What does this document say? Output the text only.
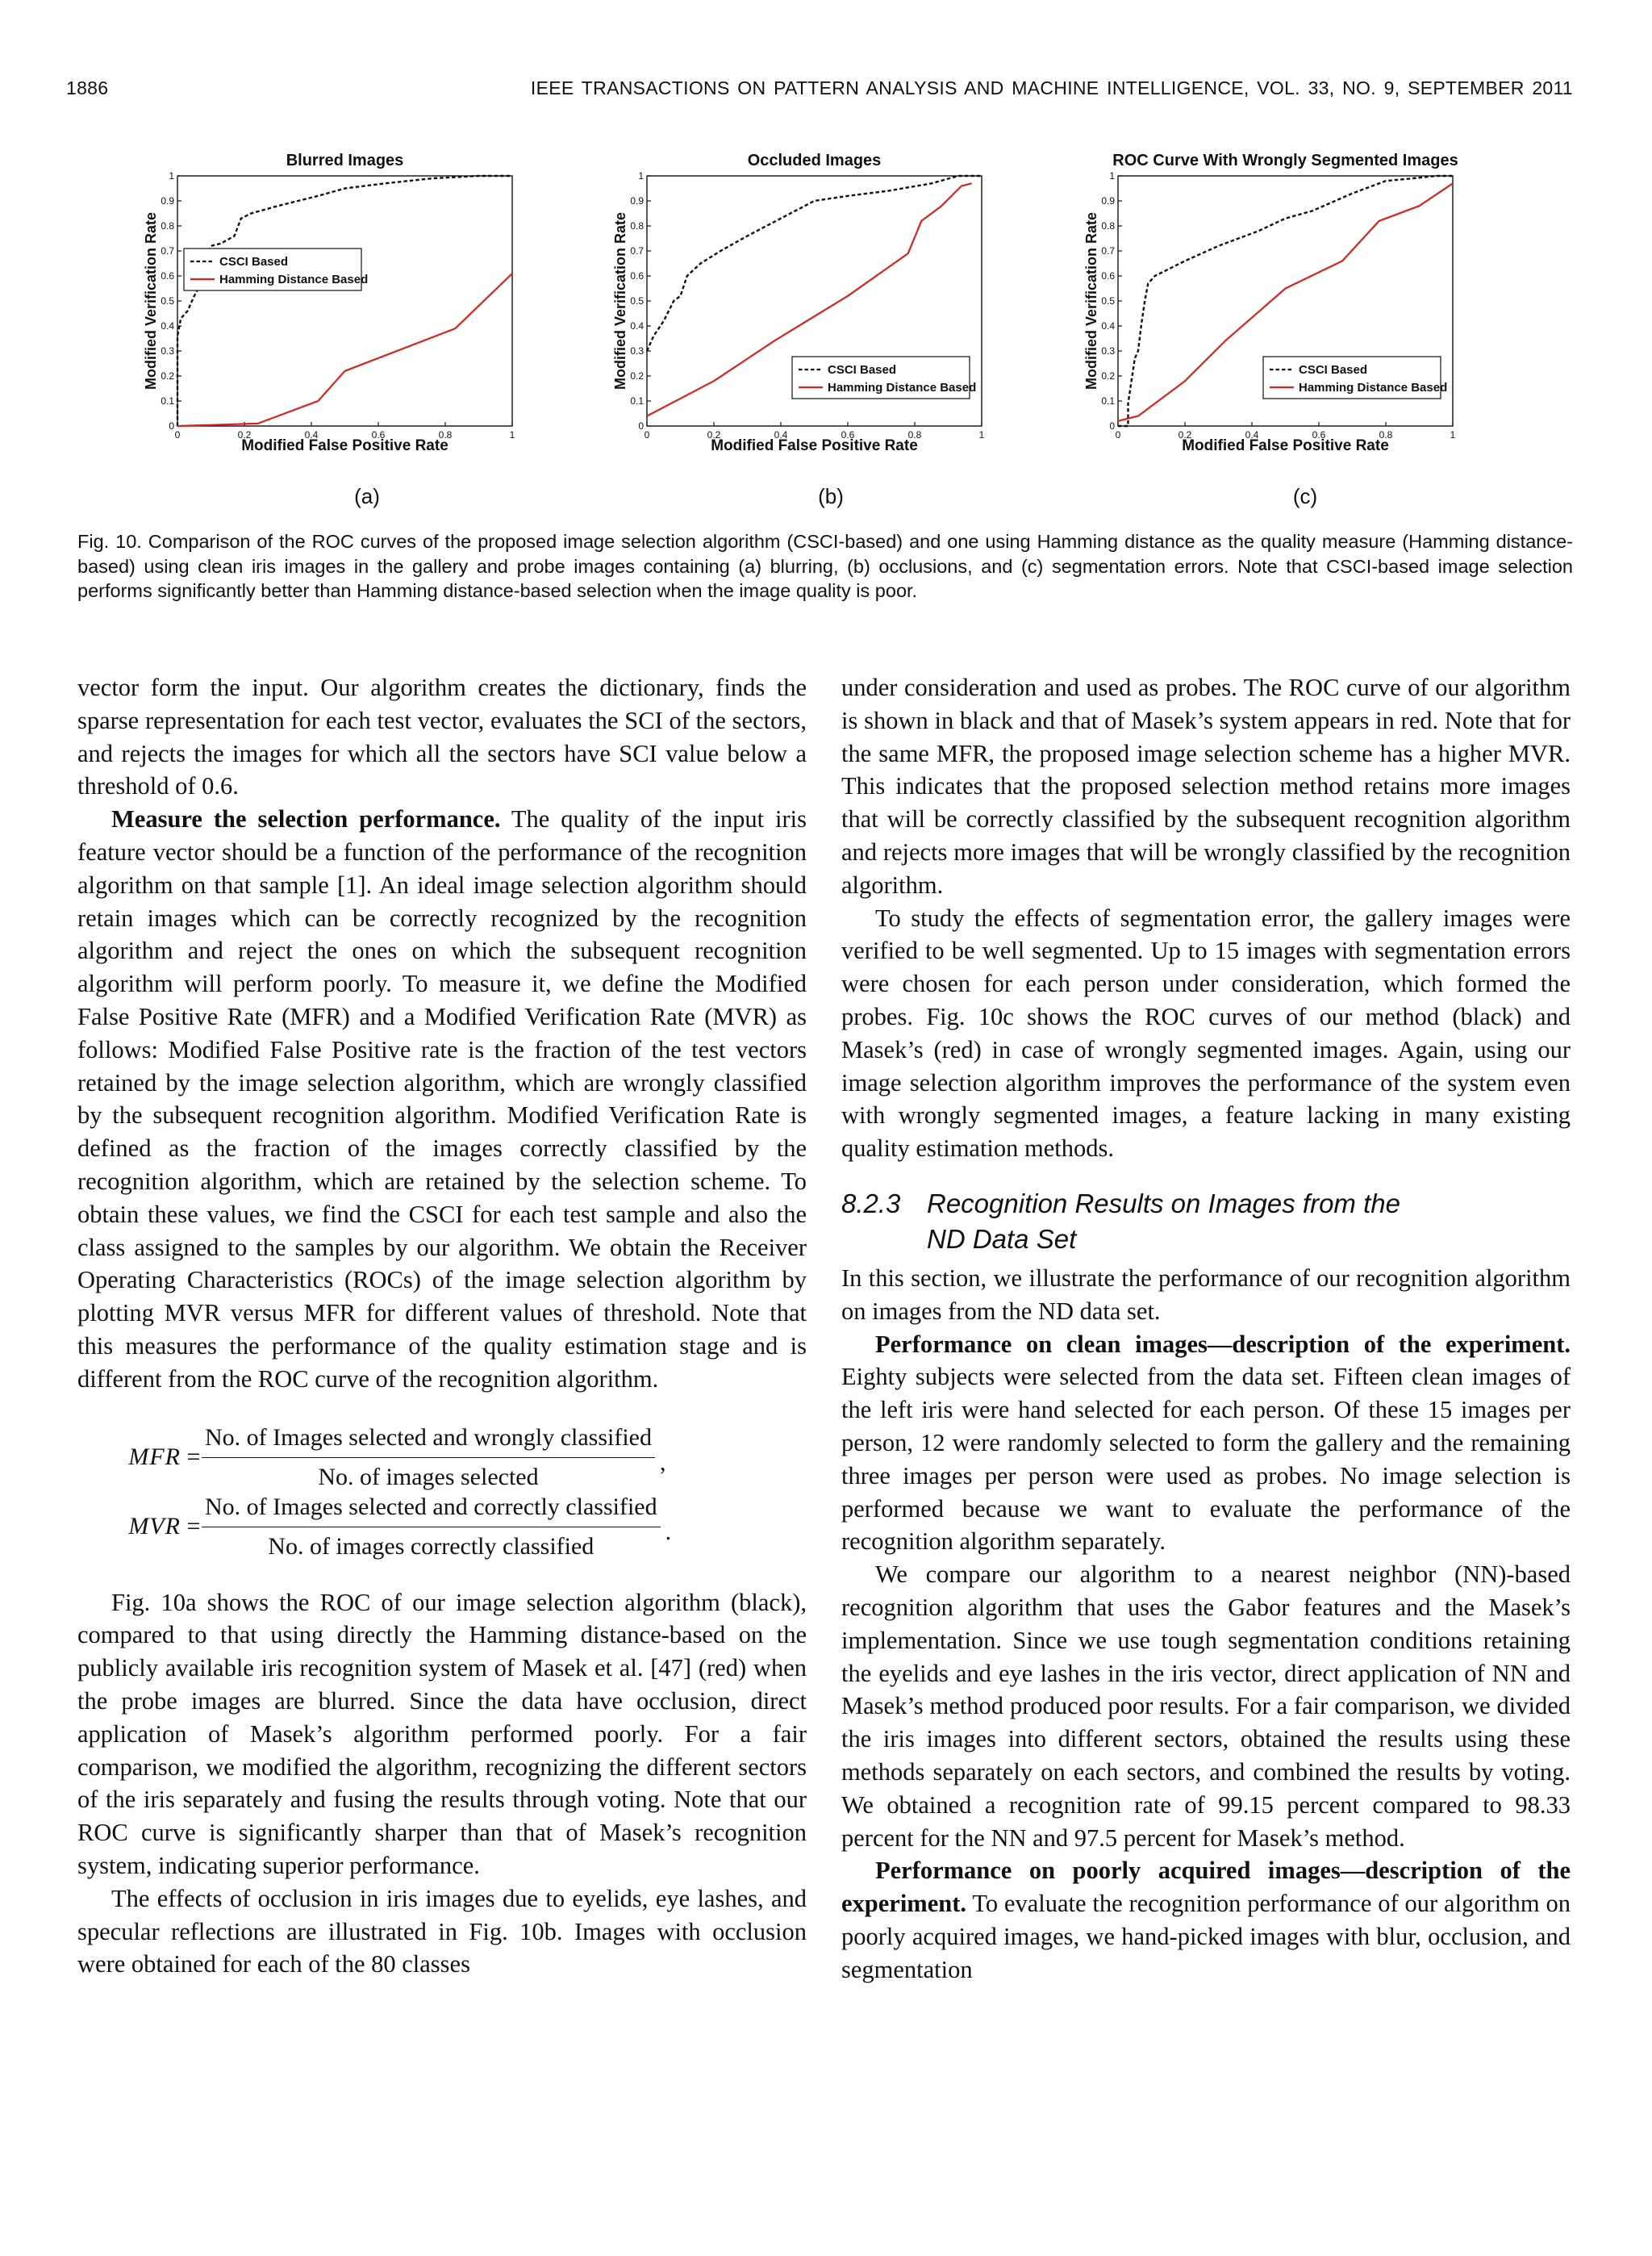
1886	IEEE TRANSACTIONS ON PATTERN ANALYSIS AND MACHINE INTELLIGENCE, VOL. 33, NO. 9, SEPTEMBER 2011
Blurred Images
0	0.2	0.4	0.6	0.8	1
0
0.1
0.2
0.3
0.4
0.5
0.6
0.7
0.8
0.9
1
Modified False Positive Rate
Modified Verification Rate	CSCI Based
Hamming Distance Based
Occluded Images
0	0.2	0.4	0.6	0.8	1
0
0.1
0.2
0.3
0.4
0.5
0.6
0.7
0.8
0.9
1
Modified False Positive Rate
Modified Verification Rate	CSCI Based
Hamming Distance Based
ROC Curve With Wrongly Segmented Images
0	0.2	0.4	0.6	0.8	1
0
0.1
0.2
0.3
0.4
0.5
0.6
0.7
0.8
0.9
1
Modified False Positive Rate
Modified Verification Rate	CSCI Based
Hamming Distance Based
(a)	(b)	(c)

Fig. 10. Comparison of the ROC curves of the proposed image selection algorithm (CSCI-based) and one using Hamming distance as the quality measure (Hamming distance-based) using clean iris images in the gallery and probe images containing (a) blurring, (b) occlusions, and (c) segmentation errors. Note that CSCI-based image selection performs significantly better than Hamming distance-based selection when the image quality is poor.

vector form the input. Our algorithm creates the dictionary, finds the sparse representation for each test vector, evaluates the SCI of the sectors, and rejects the images for which all the sectors have SCI value below a threshold of 0.6.

Measure the selection performance. The quality of the input iris feature vector should be a function of the performance of the recognition algorithm on that sample [1]. An ideal image selection algorithm should retain images which can be correctly recognized by the recognition algorithm and reject the ones on which the subsequent recognition algorithm will perform poorly. To measure it, we define the Modified False Positive Rate (MFR) and a Modified Verification Rate (MVR) as follows: Modified False Positive rate is the fraction of the test vectors retained by the image selection algorithm, which are wrongly classified by the subsequent recognition algorithm. Modified Verification Rate is defined as the fraction of the images correctly classified by the recognition algorithm, which are retained by the selection scheme. To obtain these values, we find the CSCI for each test sample and also the class assigned to the samples by our algorithm. We obtain the Receiver Operating Characteristics (ROCs) of the image selection algorithm by plotting MVR versus MFR for different values of threshold. Note that this measures the performance of the quality estimation stage and is different from the ROC curve of the recognition algorithm.

MFR = $\frac{\text{No. of Images selected and wrongly classified}}{\text{No. of images selected}}$ ,
MVR = $\frac{\text{No. of Images selected and correctly classified}}{\text{No. of images correctly classified}}$ .

Fig. 10a shows the ROC of our image selection algorithm (black), compared to that using directly the Hamming distance-based on the publicly available iris recognition system of Masek et al. [47] (red) when the probe images are blurred. Since the data have occlusion, direct application of Masek’s algorithm performed poorly. For a fair comparison, we modified the algorithm, recognizing the different sectors of the iris separately and fusing the results through voting. Note that our ROC curve is significantly sharper than that of Masek’s recognition system, indicating superior performance.

The effects of occlusion in iris images due to eyelids, eye lashes, and specular reflections are illustrated in Fig. 10b. Images with occlusion were obtained for each of the 80 classes

under consideration and used as probes. The ROC curve of our algorithm is shown in black and that of Masek’s system appears in red. Note that for the same MFR, the proposed image selection scheme has a higher MVR. This indicates that the proposed selection method retains more images that will be correctly classified by the subsequent recognition algorithm and rejects more images that will be wrongly classified by the recognition algorithm.

To study the effects of segmentation error, the gallery images were verified to be well segmented. Up to 15 images with segmentation errors were chosen for each person under consideration, which formed the probes. Fig. 10c shows the ROC curves of our method (black) and Masek’s (red) in case of wrongly segmented images. Again, using our image selection algorithm improves the performance of the system even with wrongly segmented images, a feature lacking in many existing quality estimation methods.

8.2.3 Recognition Results on Images from the
ND Data Set

In this section, we illustrate the performance of our recognition algorithm on images from the ND data set.

Performance on clean images—description of the experiment. Eighty subjects were selected from the data set. Fifteen clean images of the left iris were hand selected for each person. Of these 15 images per person, 12 were randomly selected to form the gallery and the remaining three images per person were used as probes. No image selection is performed because we want to evaluate the performance of the recognition algorithm separately.

We compare our algorithm to a nearest neighbor (NN)-based recognition algorithm that uses the Gabor features and the Masek’s implementation. Since we use tough segmentation conditions retaining the eyelids and eye lashes in the iris vector, direct application of NN and Masek’s method produced poor results. For a fair comparison, we divided the iris images into different sectors, obtained the results using these methods separately on each sectors, and combined the results by voting. We obtained a recognition rate of 99.15 percent compared to 98.33 percent for the NN and 97.5 percent for Masek’s method.

Performance on poorly acquired images—description of the experiment. To evaluate the recognition performance of our algorithm on poorly acquired images, we hand-picked images with blur, occlusion, and segmentation
